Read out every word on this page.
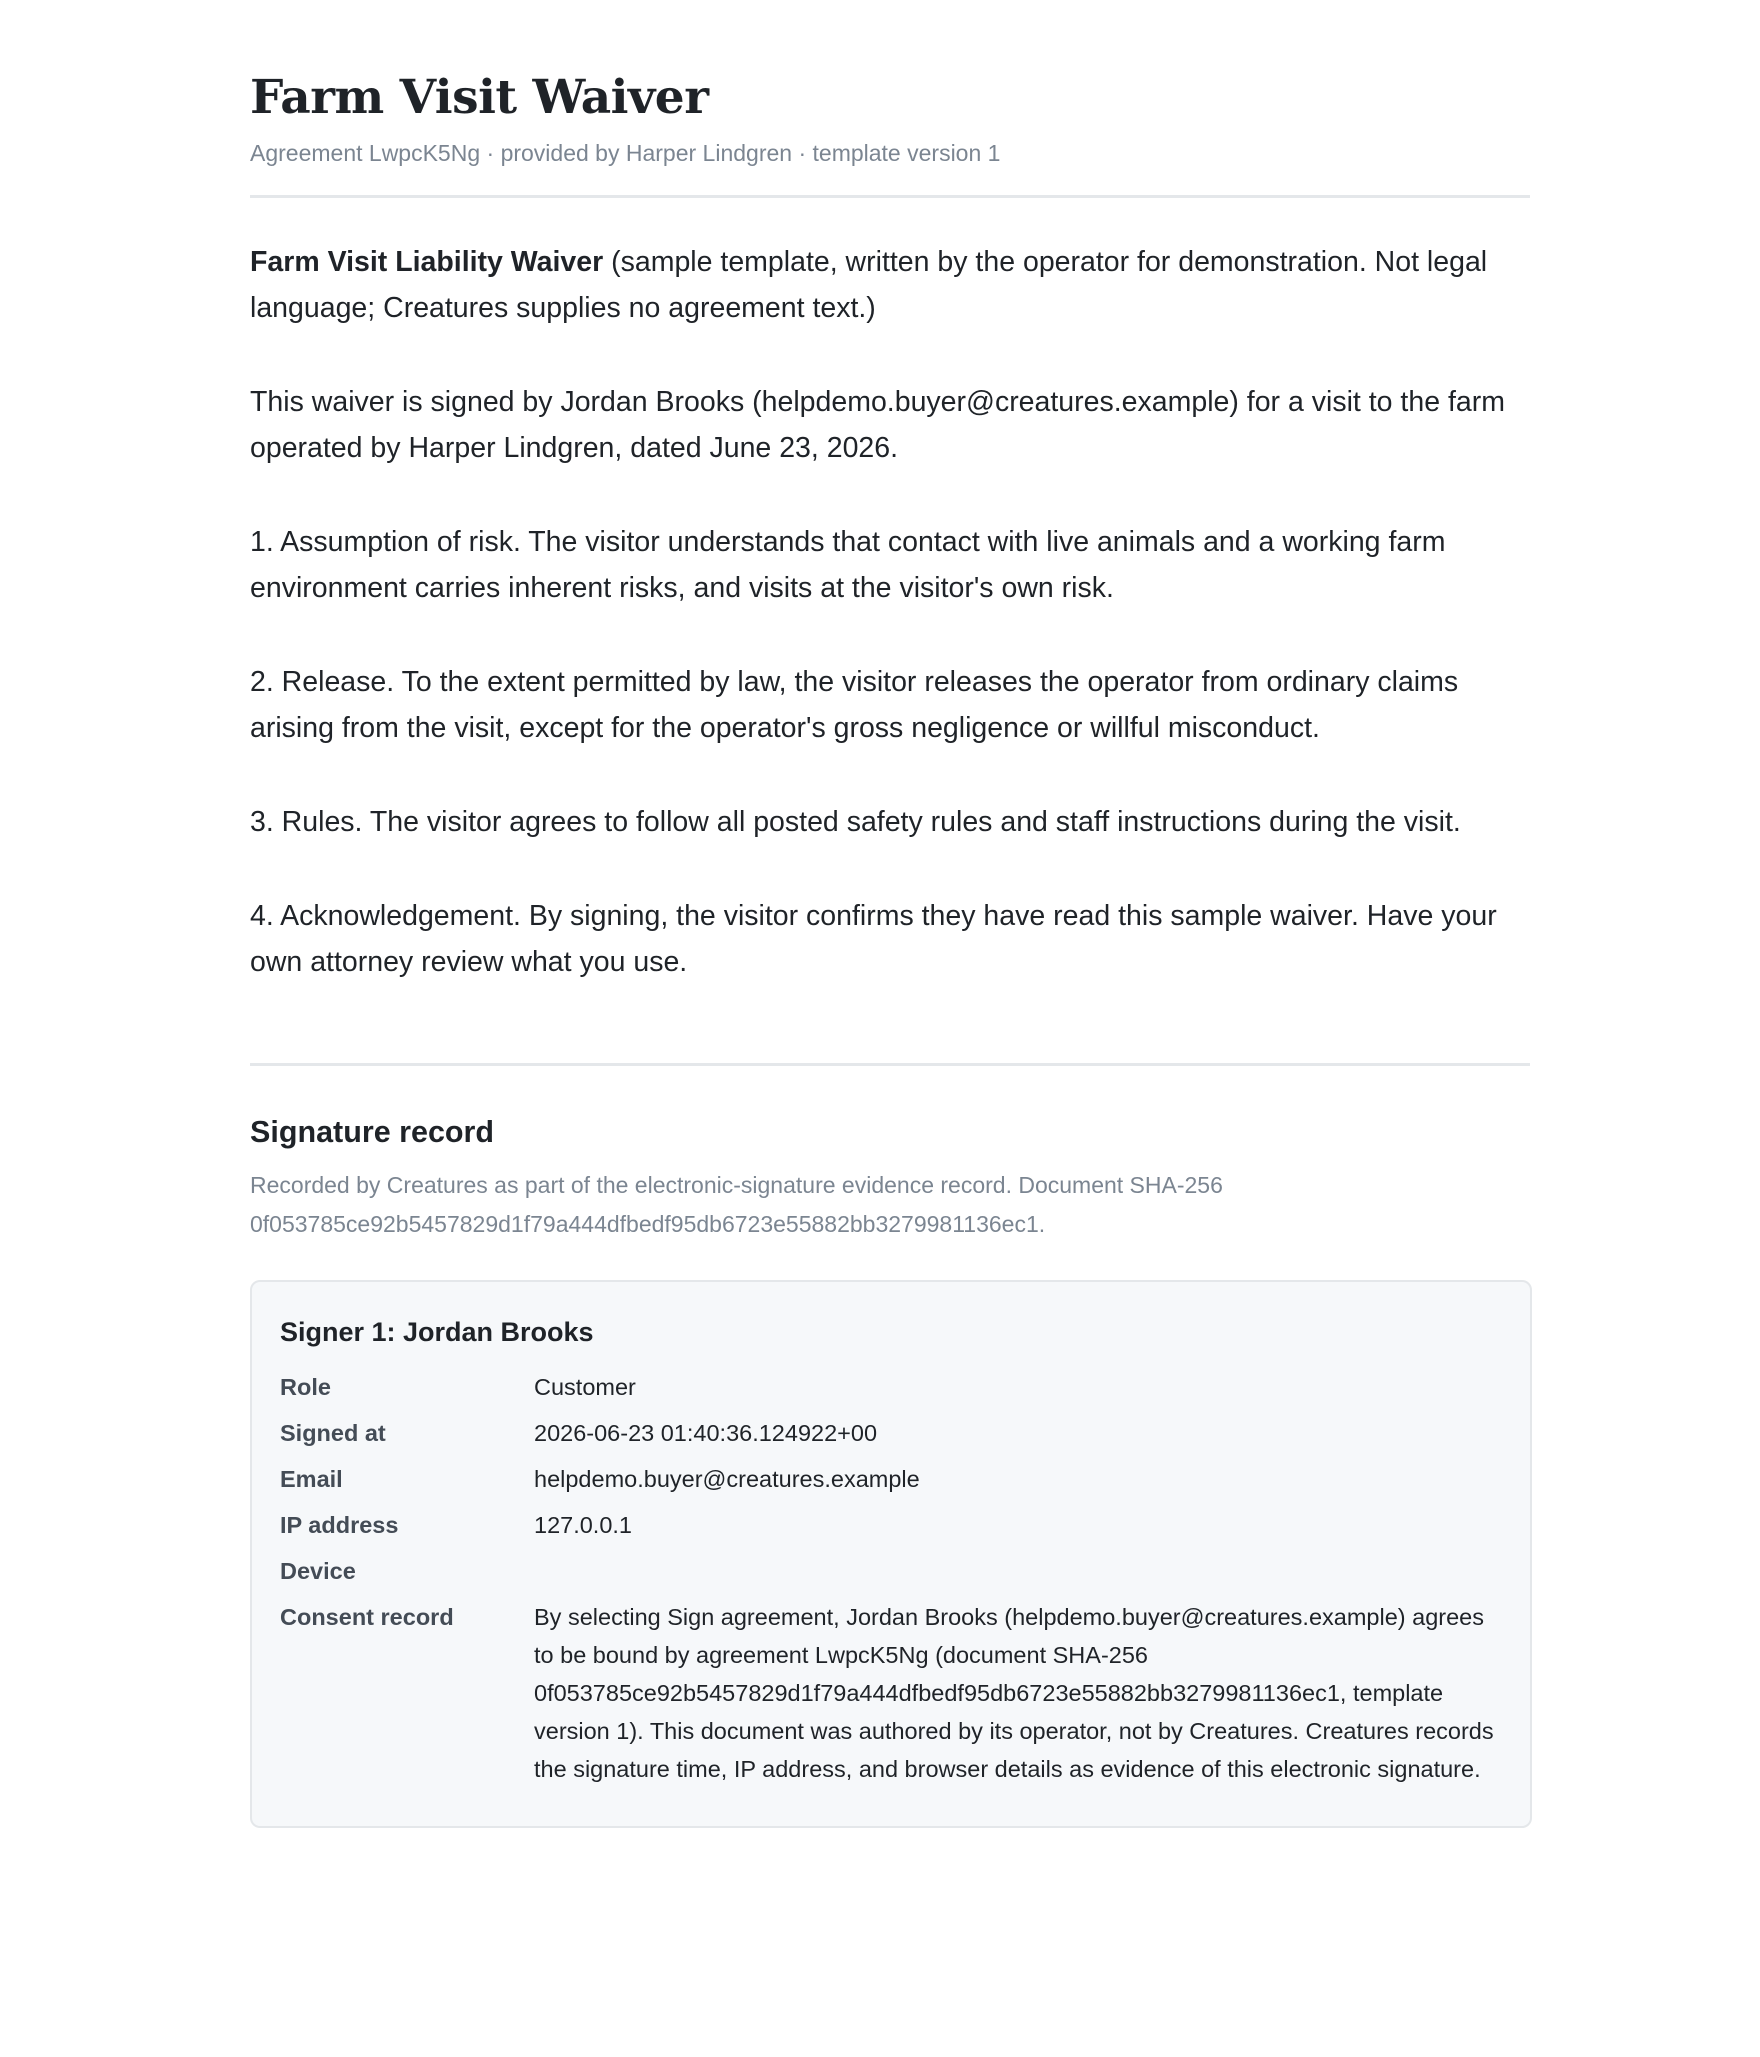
Farm Visit Waiver
Agreement LwpcK5Ng · provided by Harper Lindgren · template version 1

Farm Visit Liability Waiver (sample template, written by the operator for demonstration. Not legal language; Creatures supplies no agreement text.)

This waiver is signed by Jordan Brooks (helpdemo.buyer@creatures.example) for a visit to the farm operated by Harper Lindgren, dated June 23, 2026.

1. Assumption of risk. The visitor understands that contact with live animals and a working farm environment carries inherent risks, and visits at the visitor's own risk.

2. Release. To the extent permitted by law, the visitor releases the operator from ordinary claims arising from the visit, except for the operator's gross negligence or willful misconduct.

3. Rules. The visitor agrees to follow all posted safety rules and staff instructions during the visit.

4. Acknowledgement. By signing, the visitor confirms they have read this sample waiver. Have your own attorney review what you use.

Signature record
Recorded by Creatures as part of the electronic-signature evidence record. Document SHA-256 0f053785ce92b5457829d1f79a444dfbedf95db6723e55882bb3279981136ec1.
Signer 1: Jordan Brooks
Role	Customer
Signed at	2026-06-23 01:40:36.124922+00
Email	helpdemo.buyer@creatures.example
IP address	127.0.0.1
Device
Consent record	By selecting Sign agreement, Jordan Brooks (helpdemo.buyer@creatures.example) agrees to be bound by agreement LwpcK5Ng (document SHA-256 0f053785ce92b5457829d1f79a444dfbedf95db6723e55882bb3279981136ec1, template version 1). This document was authored by its operator, not by Creatures. Creatures records the signature time, IP address, and browser details as evidence of this electronic signature.
